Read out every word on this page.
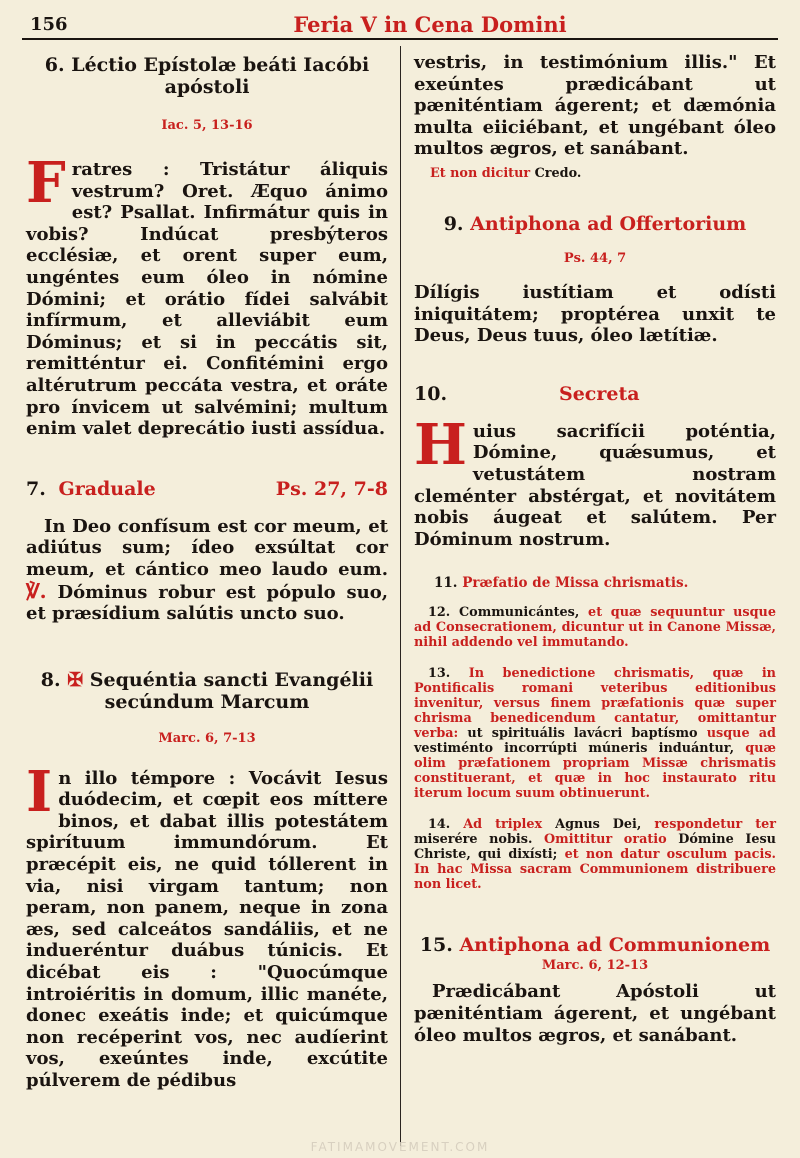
156	Feria V in Cena Domini
6. Léctio Epístolæ beáti Iacóbi
apóstoli
Iac. 5, 13-16
Fratres : Tristátur áliquis vestrum? Oret. Æquo ánimo est? Psallat. Infirmátur quis in vobis? Indúcat presbýteros ecclésiæ, et orent super eum, ungéntes eum óleo in nómine Dómini; et orátio fídei salvábit infírmum, et alleviábit eum Dóminus; et si in peccátis sit, remitténtur ei. Confitémini ergo altérutrum peccáta vestra, et oráte pro ínvicem ut salvémini; multum enim valet deprecátio iusti assídua.
7. Graduale	Ps. 27, 7-8
In Deo confísum est cor meum, et adiútus sum; ídeo exsúltat cor meum, et cántico meo laudo eum. ℣. Dóminus robur est pópulo suo, et præsídium salútis uncto suo.
8. ✠ Sequéntia sancti Evangélii
secúndum Marcum
Marc. 6, 7-13
In illo témpore : Vocávit Iesus duódecim, et cœpit eos míttere binos, et dabat illis potestátem spirítuum immundórum. Et præcépit eis, ne quid tóllerent in via, nisi virgam tantum; non peram, non panem, neque in zona æs, sed calceátos sandáliis, et ne indueréntur duábus túnicis. Et dicébat eis : "Quocúmque introiéritis in domum, illic manéte, donec exeátis inde; et quicúmque non recéperint vos, nec audíerint vos, exeúntes inde, excútite púlverem de pédibus
vestris, in testimónium illis." Et exeúntes prædicábant ut pæniténtiam ágerent; et dæmónia multa eiiciébant, et ungébant óleo multos ægros, et sanábant.
Et non dicitur Credo.
9. Antiphona ad Offertorium
Ps. 44, 7
Dílígis iustítiam et odísti iniquitátem; proptérea unxit te Deus, Deus tuus, óleo lætítiæ.
10.	Secreta
Huius sacrifícii poténtia, Dómine, quǽsumus, et vetustátem nostram cleménter abstérgat, et novitátem nobis áugeat et salútem. Per Dóminum nostrum.
11. Præfatio de Missa chrismatis.
12. Communicántes, et quæ sequuntur usque ad Consecrationem, dicuntur ut in Canone Missæ, nihil addendo vel immutando.
13. In benedictione chrismatis, quæ in Pontificalis romani veteribus editionibus invenitur, versus finem præfationis quæ super chrisma benedicendum cantatur, omittantur verba: ut spirituális lavácri baptísmo usque ad vestiménto incorrúpti múneris induántur, quæ olim præfationem propriam Missæ chrismatis constituerant, et quæ in hoc instaurato ritu iterum locum suum obtinuerunt.
14. Ad triplex Agnus Dei, respondetur ter miserére nobis. Omittitur oratio Dómine Iesu Christe, qui dixísti; et non datur osculum pacis. In hac Missa sacram Communionem distribuere non licet.
15. Antiphona ad Communionem
Marc. 6, 12-13
Prædicábant Apóstoli ut pæniténtiam ágerent, et ungébant óleo multos ægros, et sanábant.
FATIMAMOVEMENT.COM
